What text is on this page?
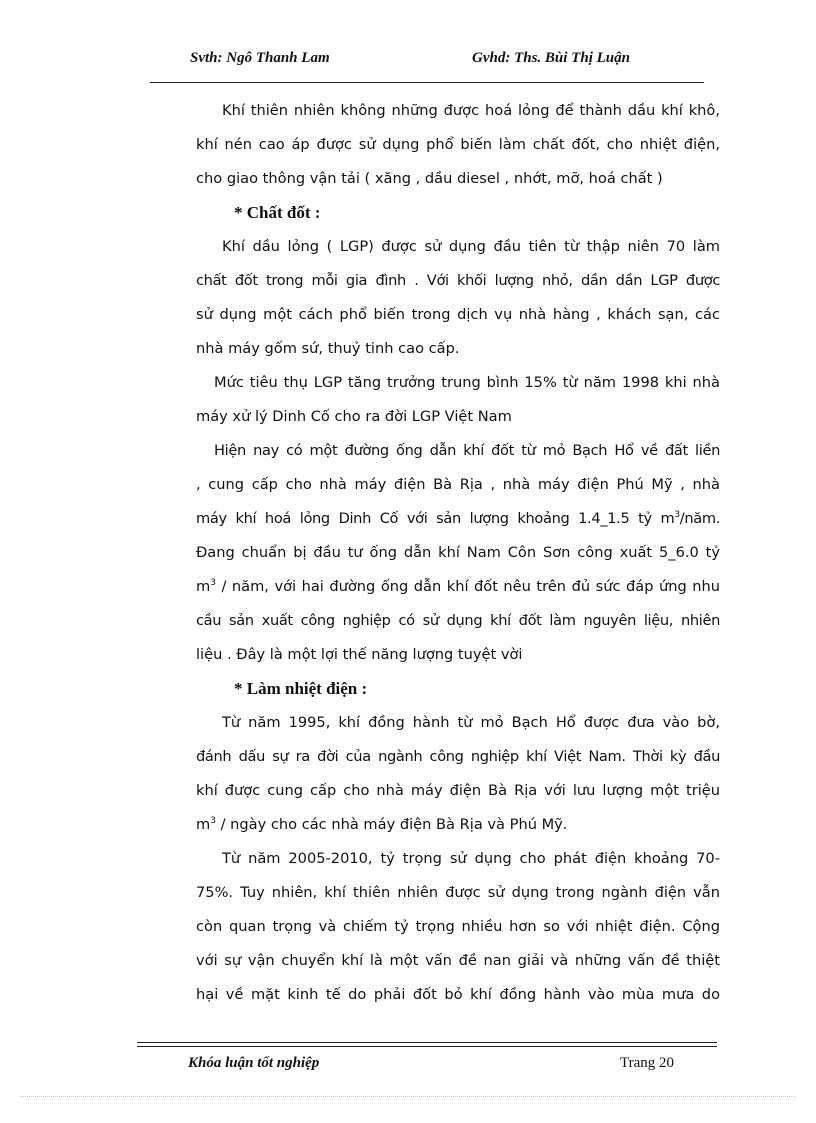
Svth: Ngô Thanh Lam	Gvhd: Ths. Bùi Thị Luận
Khí thiên nhiên không những được hoá lỏng để thành dầu khí khô,
khí nén cao áp được sử dụng phổ biến làm chất đốt, cho nhiệt điện,
cho giao thông vận tải ( xăng , dầu diesel , nhớt, mỡ, hoá chất )
* Chất đốt :
Khí dầu lỏng ( LGP) được sử dụng đầu tiên từ thập niên 70 làm
chất đốt trong mỗi gia đình . Với khối lượng nhỏ, dần dần LGP được
sử dụng một cách phổ biến trong dịch vụ nhà hàng , khách sạn, các
nhà máy gốm sứ, thuỷ tinh cao cấp.
Mức tiêu thụ LGP tăng trưởng trung bình 15% từ năm 1998 khi nhà
máy xử lý Dinh Cố cho ra đời LGP Việt Nam
Hiện nay có một đường ống dẫn khí đốt từ mỏ Bạch Hổ về đất liền
, cung cấp cho nhà máy điện Bà Rịa , nhà máy điện Phú Mỹ , nhà
máy khí hoá lỏng Dinh Cố với sản lượng khoảng 1.4_1.5 tỷ $m^3$/năm.
Đang chuẩn bị đầu tư ống dẫn khí Nam Côn Sơn công xuất 5_6.0 tỷ
$m^3$ / năm, với hai đường ống dẫn khí đốt nêu trên đủ sức đáp ứng nhu
cầu sản xuất công nghiệp có sử dụng khí đốt làm nguyên liệu, nhiên
liệu . Đây là một lợi thế năng lượng tuyệt vời
* Làm nhiệt điện :
Từ năm 1995, khí đồng hành từ mỏ Bạch Hổ được đưa vào bờ,
đánh dấu sự ra đời của ngành công nghiệp khí Việt Nam. Thời kỳ đầu
khí được cung cấp cho nhà máy điện Bà Rịa với lưu lượng một triệu
$m^3$ / ngày cho các nhà máy điện Bà Rịa và Phú Mỹ.
Từ năm 2005-2010, tỷ trọng sử dụng cho phát điện khoảng 70-
75%. Tuy nhiên, khí thiên nhiên được sử dụng trong ngành điện vẫn
còn quan trọng và chiếm tỷ trọng nhiều hơn so với nhiệt điện. Cộng
với sự vận chuyển khí là một vấn đề nan giải và những vấn đề thiệt
hại về mặt kinh tế do phải đốt bỏ khí đồng hành vào mùa mưa do
Khóa luận tốt nghiệp	Trang 20
